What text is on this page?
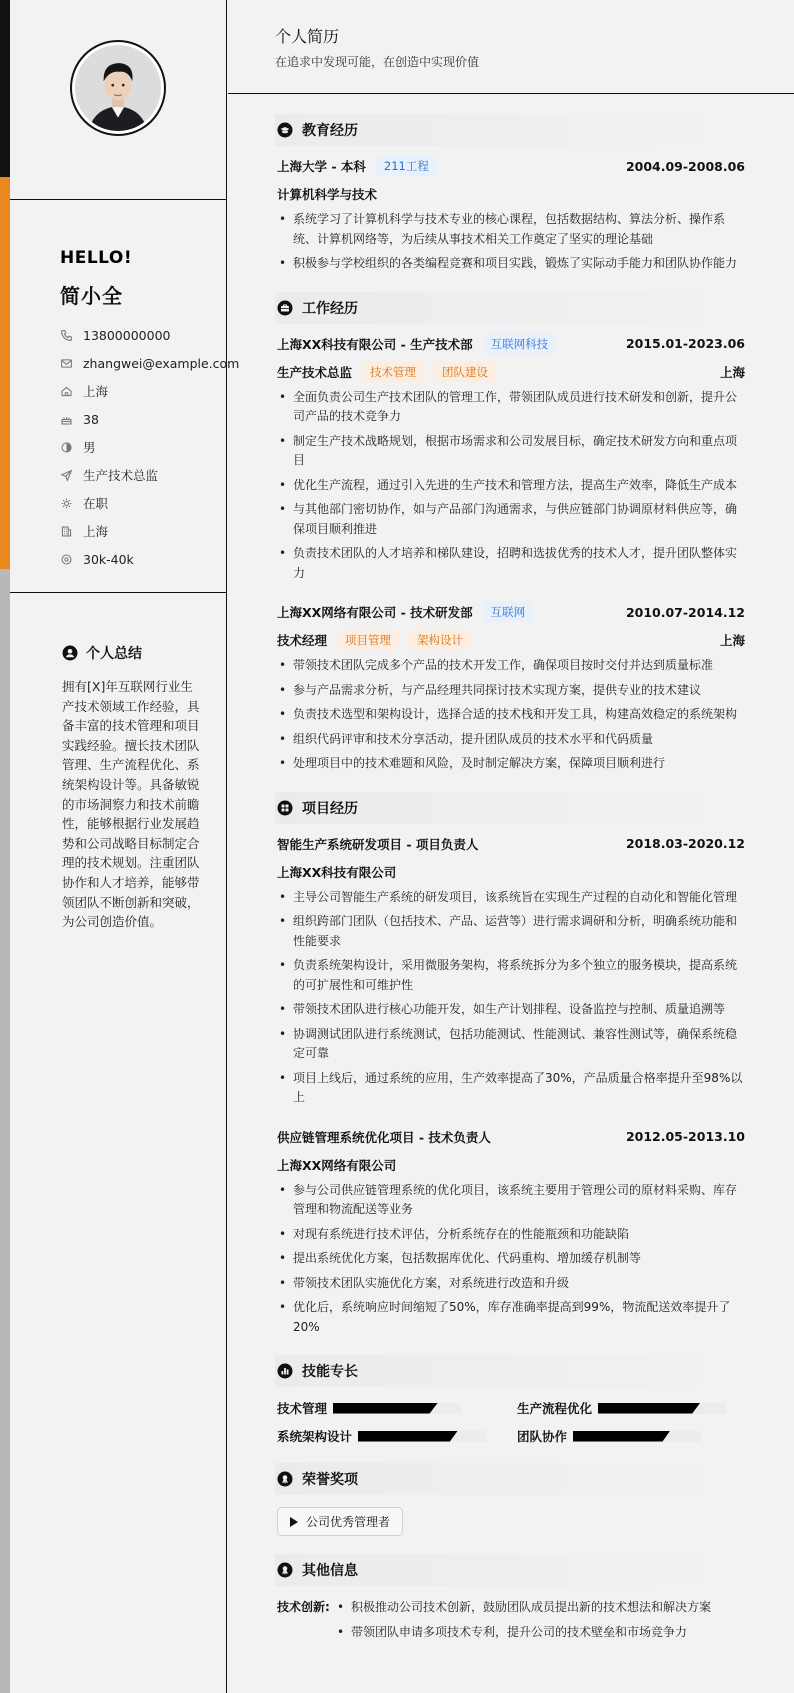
HELLO!
简小全
13800000000
zhangwei@example.com
上海
38
男
生产技术总监
在职
上海
30k-40k
个人总结

拥有[X]年互联网行业生产技术领域工作经验，具备丰富的技术管理和项目实践经验。擅长技术团队管理、生产流程优化、系统架构设计等。具备敏锐的市场洞察力和技术前瞻性，能够根据行业发展趋势和公司战略目标制定合理的技术规划。注重团队协作和人才培养，能够带领团队不断创新和突破，为公司创造价值。

个人简历
在追求中发现可能，在创造中实现价值
教育经历
上海大学 - 本科	211工程	2004.09-2008.06
计算机科学与技术
• 系统学习了计算机科学与技术专业的核心课程，包括数据结构、算法分析、操作系统、计算机网络等，为后续从事技术相关工作奠定了坚实的理论基础
• 积极参与学校组织的各类编程竞赛和项目实践，锻炼了实际动手能力和团队协作能力
工作经历
上海XX科技有限公司 - 生产技术部	互联网科技	2015.01-2023.06
生产技术总监	技术管理	团队建设	上海
• 全面负责公司生产技术团队的管理工作，带领团队成员进行技术研发和创新，提升公司产品的技术竞争力
• 制定生产技术战略规划，根据市场需求和公司发展目标，确定技术研发方向和重点项目
• 优化生产流程，通过引入先进的生产技术和管理方法，提高生产效率，降低生产成本
• 与其他部门密切协作，如与产品部门沟通需求，与供应链部门协调原材料供应等，确保项目顺利推进
• 负责技术团队的人才培养和梯队建设，招聘和选拔优秀的技术人才，提升团队整体实力
上海XX网络有限公司 - 技术研发部	互联网	2010.07-2014.12
技术经理	项目管理	架构设计	上海
• 带领技术团队完成多个产品的技术开发工作，确保项目按时交付并达到质量标准
• 参与产品需求分析，与产品经理共同探讨技术实现方案，提供专业的技术建议
• 负责技术选型和架构设计，选择合适的技术栈和开发工具，构建高效稳定的系统架构
• 组织代码评审和技术分享活动，提升团队成员的技术水平和代码质量
• 处理项目中的技术难题和风险，及时制定解决方案，保障项目顺利进行
项目经历
智能生产系统研发项目 - 项目负责人	2018.03-2020.12
上海XX科技有限公司
• 主导公司智能生产系统的研发项目，该系统旨在实现生产过程的自动化和智能化管理
• 组织跨部门团队（包括技术、产品、运营等）进行需求调研和分析，明确系统功能和性能要求
• 负责系统架构设计，采用微服务架构，将系统拆分为多个独立的服务模块，提高系统的可扩展性和可维护性
• 带领技术团队进行核心功能开发，如生产计划排程、设备监控与控制、质量追溯等
• 协调测试团队进行系统测试，包括功能测试、性能测试、兼容性测试等，确保系统稳定可靠
• 项目上线后，通过系统的应用，生产效率提高了30%，产品质量合格率提升至98%以上
供应链管理系统优化项目 - 技术负责人	2012.05-2013.10
上海XX网络有限公司
• 参与公司供应链管理系统的优化项目，该系统主要用于管理公司的原材料采购、库存管理和物流配送等业务
• 对现有系统进行技术评估，分析系统存在的性能瓶颈和功能缺陷
• 提出系统优化方案，包括数据库优化、代码重构、增加缓存机制等
• 带领技术团队实施优化方案，对系统进行改造和升级
• 优化后，系统响应时间缩短了50%，库存准确率提高到99%，物流配送效率提升了20%
技能专长
技术管理	生产流程优化
系统架构设计	团队协作
荣誉奖项
公司优秀管理者
其他信息
技术创新:
•	积极推动公司技术创新，鼓励团队成员提出新的技术想法和解决方案
• 带领团队申请多项技术专利，提升公司的技术壁垒和市场竞争力
